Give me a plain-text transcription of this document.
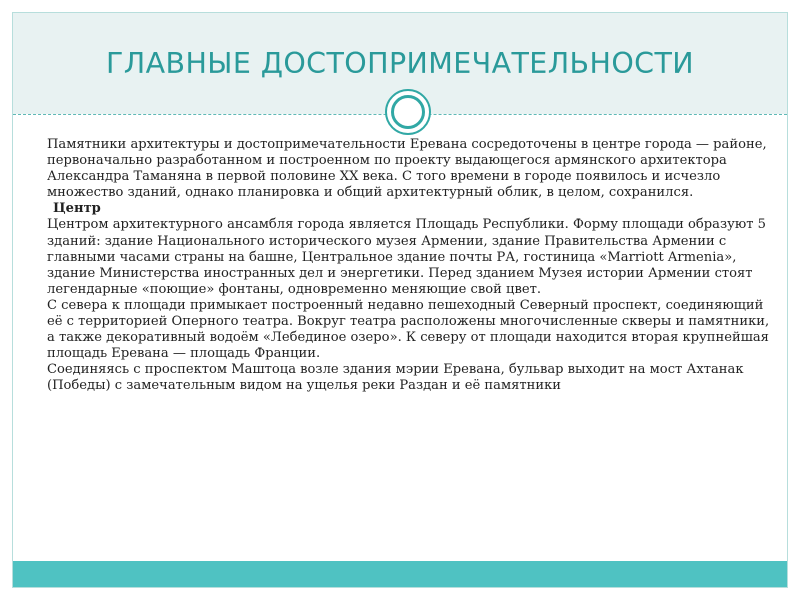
ГЛАВНЫЕ ДОСТОПРИМЕЧАТЕЛЬНОСТИ

Памятники архитектуры и достопримечательности Еревана сосредоточены в центре города — районе, первоначально разработанном и построенном по проекту выдающегося армянского архитектора Александра Таманяна в первой половине XX века. С того времени в городе появилось и исчезло множество зданий, однако планировка и общий архитектурный облик, в целом, сохранился.

Центр

Центром архитектурного ансамбля города является Площадь Республики. Форму площади образуют 5 зданий: здание Национального исторического музея Армении, здание Правительства Армении с главными часами страны на башне, Центральное здание почты РА, гостиница «Marriott Armenia», здание Министерства иностранных дел и энергетики. Перед зданием Музея истории Армении стоят легендарные «поющие» фонтаны, одновременно меняющие свой цвет.

С севера к площади примыкает построенный недавно пешеходный Северный проспект, соединяющий её с территорией Оперного театра. Вокруг театра расположены многочисленные скверы и памятники, а также декоративный водоём «Лебединое озеро». К северу от площади находится вторая крупнейшая площадь Еревана — площадь Франции.

Соединяясь с проспектом Маштоца возле здания мэрии Еревана, бульвар выходит на мост Ахтанак (Победы) с замечательным видом на ущелья реки Раздан и её памятники
